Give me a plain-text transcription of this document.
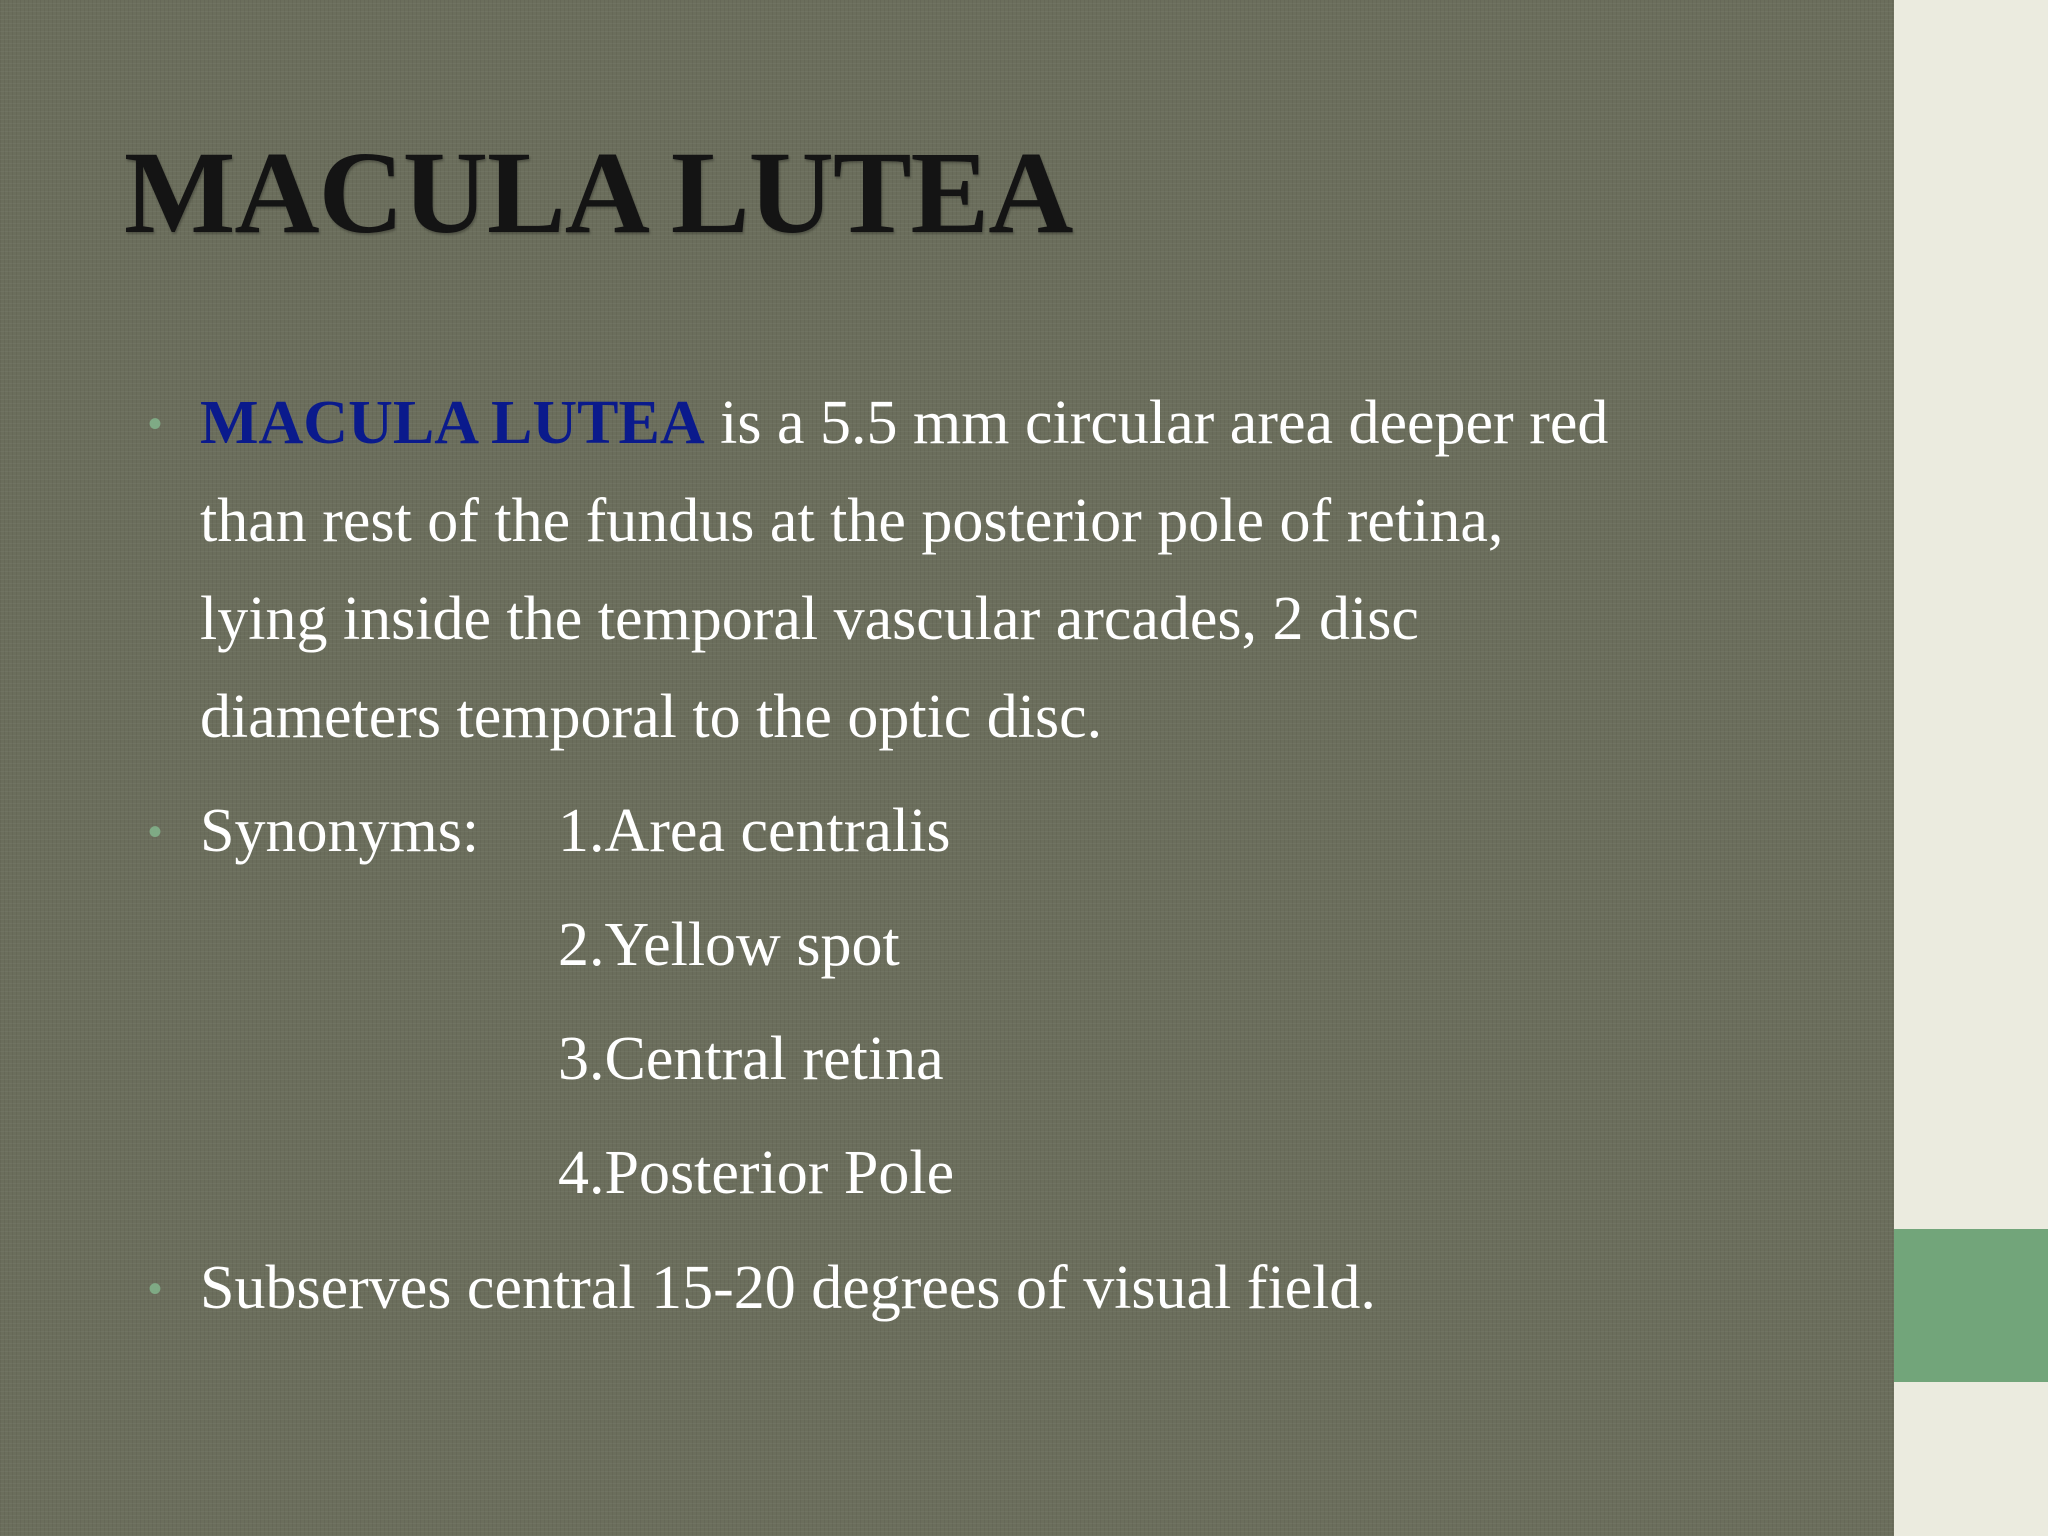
MACULA LUTEA
• MACULA LUTEA is a 5.5 mm circular area deeper red
than rest of the fundus at the posterior pole of retina,
lying inside the temporal vascular arcades, 2 disc
diameters temporal to the optic disc.
• Synonyms: 1.Area centralis
2.Yellow spot
3.Central retina
4.Posterior Pole
• Subserves central 15-20 degrees of visual field.
